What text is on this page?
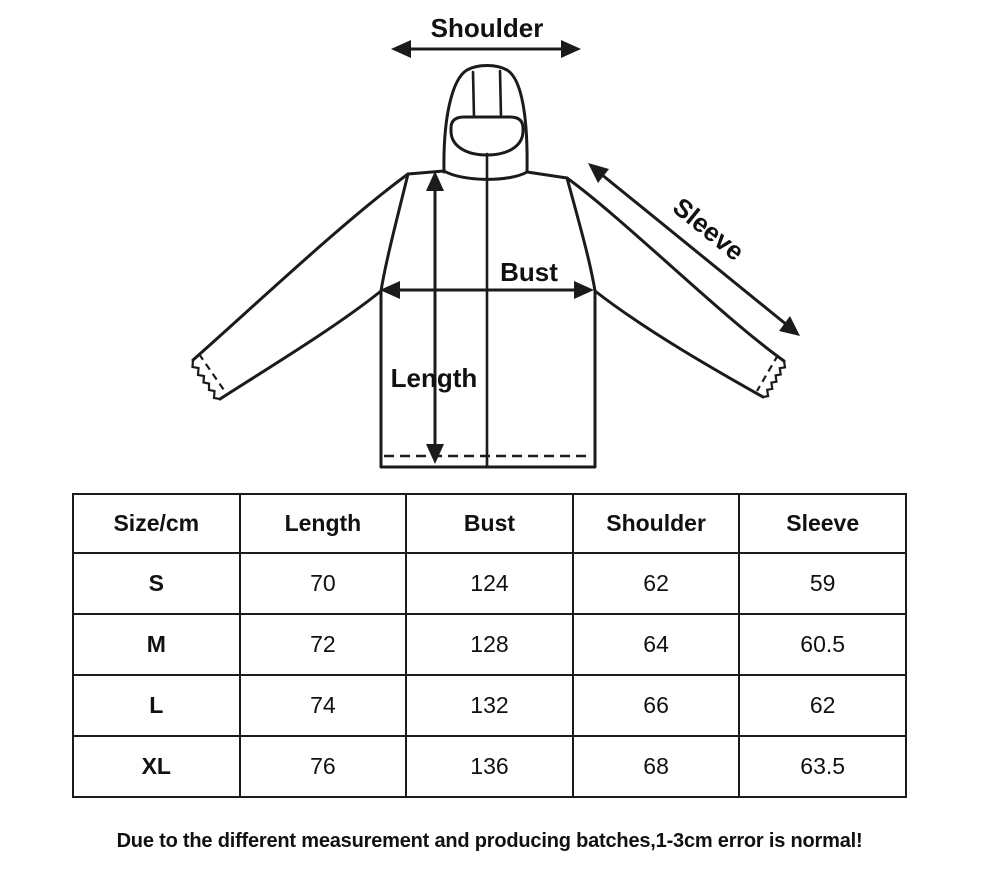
Shoulder
Sleeve
Bust
Length
Size/cm	Length	Bust	Shoulder	Sleeve
S	70	124	62	59
M	72	128	64	60.5
L	74	132	66	62
XL	76	136	68	63.5

Due to the different measurement and producing batches,1-3cm error is normal!
